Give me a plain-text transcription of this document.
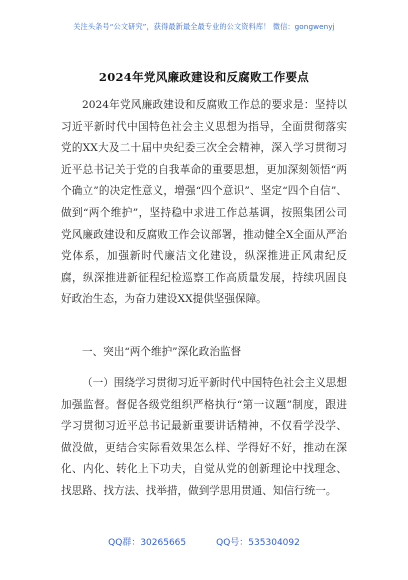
关注头条号“公文研究”，获得最新最全最专业的公文资料库！ 微信：gongwenyj
2024年党风廉政建设和反腐败工作要点

2024年党风廉政建设和反腐败工作总的要求是：坚持以习近平新时代中国特色社会主义思想为指导，全面贯彻落实党的XX大及二十届中央纪委三次全会精神，深入学习贯彻习近平总书记关于党的自我革命的重要思想，更加深刻领悟“两个确立”的决定性意义，增强“四个意识”、坚定“四个自信”、做到“两个维护”，坚持稳中求进工作总基调，按照集团公司党风廉政建设和反腐败工作会议部署，推动健全X全面从严治党体系，加强新时代廉洁文化建设，纵深推进正风肃纪反腐，纵深推进新征程纪检巡察工作高质量发展，持续巩固良好政治生态，为奋力建设XX提供坚强保障。

一、突出“两个维护”深化政治监督

（一）围绕学习贯彻习近平新时代中国特色社会主义思想加强监督。督促各级党组织严格执行“第一议题”制度，跟进学习贯彻习近平总书记最新重要讲话精神，不仅看学没学、做没做，更结合实际看效果怎么样、学得好不好，推动在深化、内化、转化上下功夫，自觉从党的创新理论中找理念、找思路、找方法、找举措，做到学思用贯通、知信行统一。

QQ群：30265665	QQ号：535304092
